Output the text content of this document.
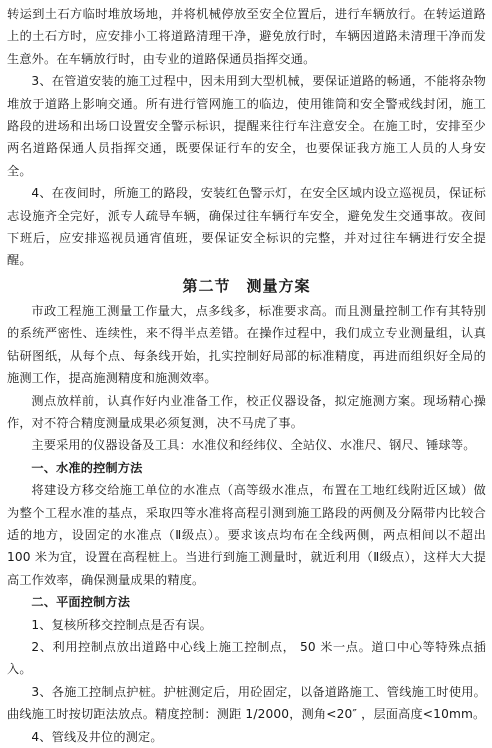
转运到土石方临时堆放场地，并将机械停放至安全位置后，进行车辆放行。在转运道路上的土石方时，应安排小工将道路清理干净，避免放行时，车辆因道路未清理干净而发生意外。在车辆放行时，由专业的道路保通员指挥交通。

3、在管道安装的施工过程中，因未用到大型机械，要保证道路的畅通，不能将杂物堆放于道路上影响交通。所有进行管网施工的临边，使用锥筒和安全警戒线封闭，施工路段的进场和出场口设置安全警示标识，提醒来往行车注意安全。在施工时，安排至少两名道路保通人员指挥交通，既要保证行车的安全，也要保证我方施工人员的人身安全。

4、在夜间时，所施工的路段，安装红色警示灯，在安全区域内设立巡视员，保证标志设施齐全完好，派专人疏导车辆，确保过往车辆行车安全，避免发生交通事故。夜间下班后，应安排巡视员通宵值班，要保证安全标识的完整，并对过往车辆进行安全提醒。

第二节　测量方案

市政工程施工测量工作量大，点多线多，标准要求高。而且测量控制工作有其特别的系统严密性、连续性，来不得半点差错。在操作过程中，我们成立专业测量组，认真钻研图纸，从每个点、每条线开始，扎实控制好局部的标准精度，再进而组织好全局的施测工作，提高施测精度和施测效率。

测点放样前，认真作好内业准备工作，校正仪器设备，拟定施测方案。现场精心操作，对不符合精度测量成果必须复测，决不马虎了事。

主要采用的仪器设备及工具：水准仪和经纬仪、全站仪、水准尺、钢尺、锤球等。

一、水准的控制方法

将建设方移交给施工单位的水准点（高等级水准点，布置在工地红线附近区域）做为整个工程水准的基点，采取四等水准将高程引测到施工路段的两侧及分隔带内比较合适的地方，设固定的水准点（Ⅱ级点）。要求该点均布在全线两侧，两点相间以不超出 100 米为宜，设置在高程桩上。当进行到施工测量时，就近利用（Ⅱ级点），这样大大提高工作效率，确保测量成果的精度。

二、平面控制方法

1、复核所移交控制点是否有误。

2、利用控制点放出道路中心线上施工控制点， 50 米一点。道口中心等特殊点插入。

3、各施工控制点护桩。护桩测定后，用砼固定，以备道路施工、管线施工时使用。曲线施工时按切距法放点。精度控制：测距 1/2000，测角<20″ ，层面高度<10mm。

4、管线及井位的测定。
